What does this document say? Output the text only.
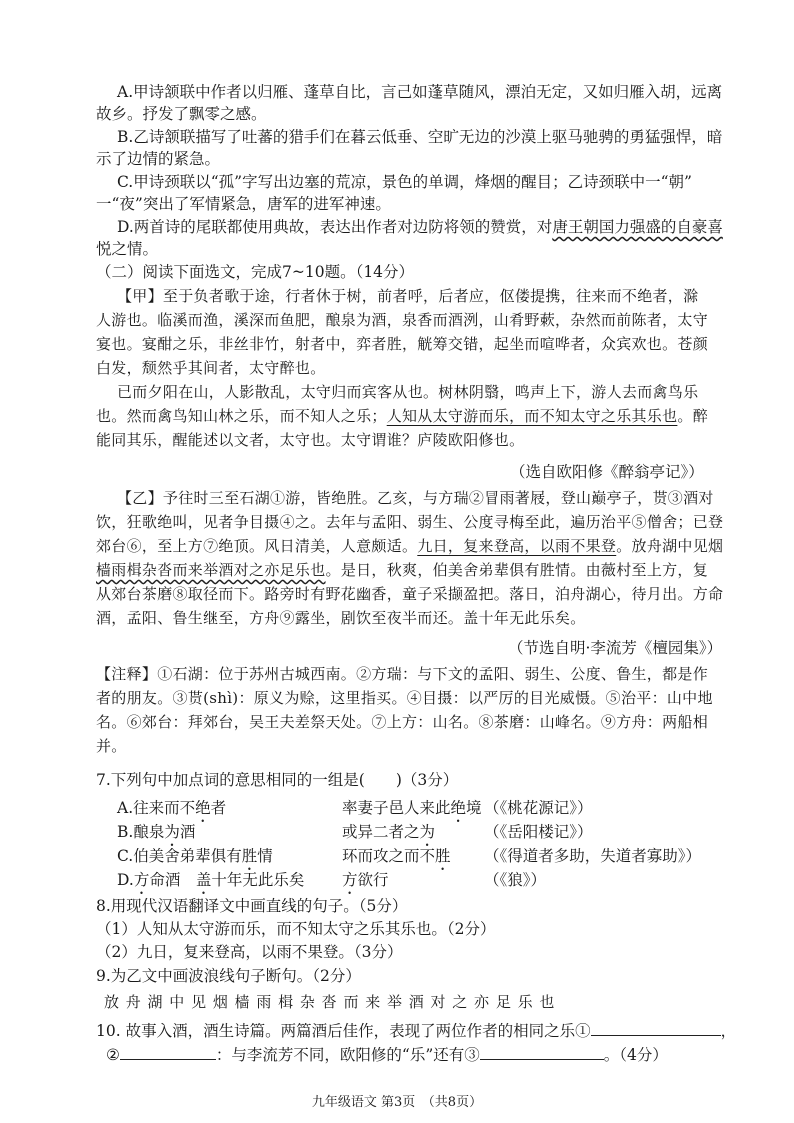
A.甲诗颔联中作者以归雁、蓬草自比，言己如蓬草随风，漂泊无定，又如归雁入胡，远离
故乡。抒发了飘零之感。
B.乙诗颔联描写了吐蕃的猎手们在暮云低垂、空旷无边的沙漠上驱马驰骋的勇猛强悍，暗
示了边情的紧急。
C.甲诗颈联以“孤”字写出边塞的荒凉，景色的单调，烽烟的醒目；乙诗颈联中一“朝”
一“夜”突出了军情紧急，唐军的进军神速。
D.两首诗的尾联都使用典故，表达出作者对边防将领的赞赏，对唐王朝国力强盛的自豪喜
悦之情。
（二）阅读下面选文，完成7~10题。（14分）
【甲】至于负者歌于途，行者休于树，前者呼，后者应，伛偻提携，往来而不绝者，滁
人游也。临溪而渔，溪深而鱼肥，酿泉为酒，泉香而酒洌，山肴野蔌，杂然而前陈者，太守
宴也。宴酣之乐，非丝非竹，射者中，弈者胜，觥筹交错，起坐而喧哗者，众宾欢也。苍颜
白发，颓然乎其间者，太守醉也。
已而夕阳在山，人影散乱，太守归而宾客从也。树林阴翳，鸣声上下，游人去而禽鸟乐
也。然而禽鸟知山林之乐，而不知人之乐；人知从太守游而乐，而不知太守之乐其乐也。醉
能同其乐，醒能述以文者，太守也。太守谓谁？庐陵欧阳修也。
（选自欧阳修《醉翁亭记》）
【乙】予往时三至石湖①游，皆绝胜。乙亥，与方瑞②冒雨著屐，登山巅亭子，贳③酒对
饮，狂歌绝叫，见者争目摄④之。去年与孟阳、弱生、公度寻梅至此，遍历治平⑤僧舍；已登
郊台⑥，至上方⑦绝顶。风日清美，人意颇适。九日，复来登高，以雨不果登。放舟湖中见烟
樯雨楫杂沓而来举酒对之亦足乐也。是日，秋爽，伯美舍弟辈俱有胜情。由薇村至上方，复
从郊台茶磨⑧取径而下。路旁时有野花幽香，童子采撷盈把。落日，泊舟湖心，待月出。方命
酒，孟阳、鲁生继至，方舟⑨露坐，剧饮至夜半而还。盖十年无此乐矣。
（节选自明·李流芳《檀园集》）
【注释】①石湖：位于苏州古城西南。②方瑞：与下文的孟阳、弱生、公度、鲁生，都是作
者的朋友。③贳(shì)：原义为赊，这里指买。④目摄：以严厉的目光威慑。⑤治平：山中地
名。⑥郊台：拜郊台，吴王夫差祭天处。⑦上方：山名。⑧茶磨：山峰名。⑨方舟：两船相
并。
7.下列句中加点词的意思相同的一组是(　　)（3分）
A.往来而不绝者	率妻子邑人来此绝境 （《桃花源记》）
B.酿泉为酒	或异二者之为	（《岳阳楼记》）
C.伯美舍弟辈俱有胜情	环而攻之而不胜 （《得道者多助，失道者寡助》）
D.方命酒　盖十年无此乐矣 方欲行	（《狼》）
8.用现代汉语翻译文中画直线的句子。（5分）
（1）人知从太守游而乐，而不知太守之乐其乐也。（2分）
（2）九日，复来登高，以雨不果登。（3分）
9.为乙文中画波浪线句子断句。（2分）
放 舟 湖 中 见 烟 樯 雨 楫 杂 沓 而 来 举 酒 对 之 亦 足 乐 也
10. 故事入酒，酒生诗篇。两篇酒后佳作，表现了两位作者的相同之乐①	，
②	：与李流芳不同，欧阳修的“乐”还有③	。（4分）
九年级语文 第3页　（共8页）
